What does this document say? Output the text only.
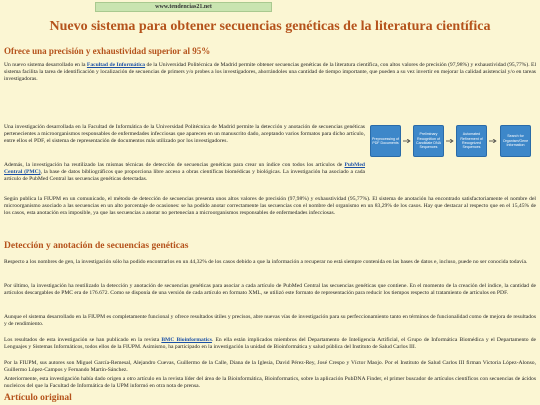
www.tendencias21.net
Nuevo sistema para obtener secuencias genéticas de la literatura científica

Ofrece una precisión y exhaustividad superior al 95%

Un nuevo sistema desarrollado en la Facultad de Informática de la Universidad Politécnica de Madrid permite obtener secuencias genéticas de la literatura científica, con altos valores de precisión (97,98%) y exhaustividad (95,77%). El sistema facilita la tarea de identificación y localización de secuencias de primers y/o probes a los investigadores, ahorrándoles una cantidad de tiempo importante, que pueden a su vez invertir en mejorar la calidad asistencial y/o en tareas investigadoras.

Una investigación desarrollada en la Facultad de Informática de la Universidad Politécnica de Madrid permite la detección y anotación de secuencias genéticas pertenecientes a microorganismos responsables de enfermedades infecciosas que aparecen en un manuscrito dado, aceptando varios formatos para dicho artículo, entre ellos el PDF, el sistema de representación de documentos más utilizado por los investigadores.

Además, la investigación ha reutilizado las mismas técnicas de detección de secuencias genéticas para crear un índice con todos los artículos de PubMed Central (PMC), la base de datos bibliográficos que proporciona libre acceso a obras científicas biomédicas y biológicas. La investigación ha asociado a cada artículo de PubMed Central las secuencias genéticas detectadas.

Preprocessing of PDF Documents
Preliminary Recognition of Candidate DNA Sequences
Automated Refinement of Recognized Sequences
Search for Organism/Gene Information

Según publica la FIUPM en un comunicado, el método de detección de secuencias presenta unos altos valores de precisión (97,98%) y exhaustividad (95,77%). El sistema de anotación ha encontrado satisfactoriamente el nombre del microorganismo asociado a las secuencias en un alto porcentaje de ocasiones: se ha podido anotar correctamente las secuencias con el nombre del organismo en un 83,29% de los casos. Hay que destacar al respecto que en el 15,45% de los casos, esta anotación era imposible, ya que las secuencias a anotar no pertenecían a microorganismos responsables de enfermedades infecciosas.

Detección y anotación de secuencias genéticas

Respecto a los nombres de gen, la investigación sólo ha podido encontrarlos en un 44,32% de los casos debido a que la información a recuperar no está siempre contenida en las bases de datos e, incluso, puede no ser conocida todavía.

Por último, la investigación ha reutilizado la detección y anotación de secuencias genéticas para asociar a cada artículo de PubMed Central las secuencias genéticas que contiene. En el momento de la creación del índice, la cantidad de artículos descargables de PMC era de 176.672. Como se disponía de una versión de cada artículo en formato XML, se utilizó este formato de representación para reducir los tiempos respecto al tratamiento de artículos en PDF.

Aunque el sistema desarrollado en la FIUPM es completamente funcional y ofrece resultados útiles y precisos, abre nuevas vías de investigación para su perfeccionamiento tanto en términos de funcionalidad como de mejora de resultados y de rendimiento.

Los resultados de esta investigación se han publicado en la revista BMC Bioinformatics. En ella están implicados miembros del Departamento de Inteligencia Artificial, el Grupo de Informática Biomédica y el Departamento de Lenguajes y Sistemas Informáticos, todos ellos de la FIUPM. Asimismo, ha participado en la investigación la unidad de Bioinformática y salud pública del Instituto de Salud Carlos III.

Por la FIUPM, sus autores son Miguel García-Remesal, Alejandro Cuevas, Guillermo de la Calle, Diana de la Iglesia, David Pérez-Rey, José Crespo y Víctor Maojo. Por el Instituto de Salud Carlos III firman Victoria López-Alonso, Guillermo López-Campos y Fernando Martín-Sánchez.

Anteriormente, esta investigación había dado origen a otro artículo en la revista líder del área de la Bioinformática, Bioinformatics, sobre la aplicación PubDNA Finder, el primer buscador de artículos científicos con secuencias de ácidos nucleicos del que la Facultad de Informática de la UPM informó en otra nota de prensa.

Artículo original
